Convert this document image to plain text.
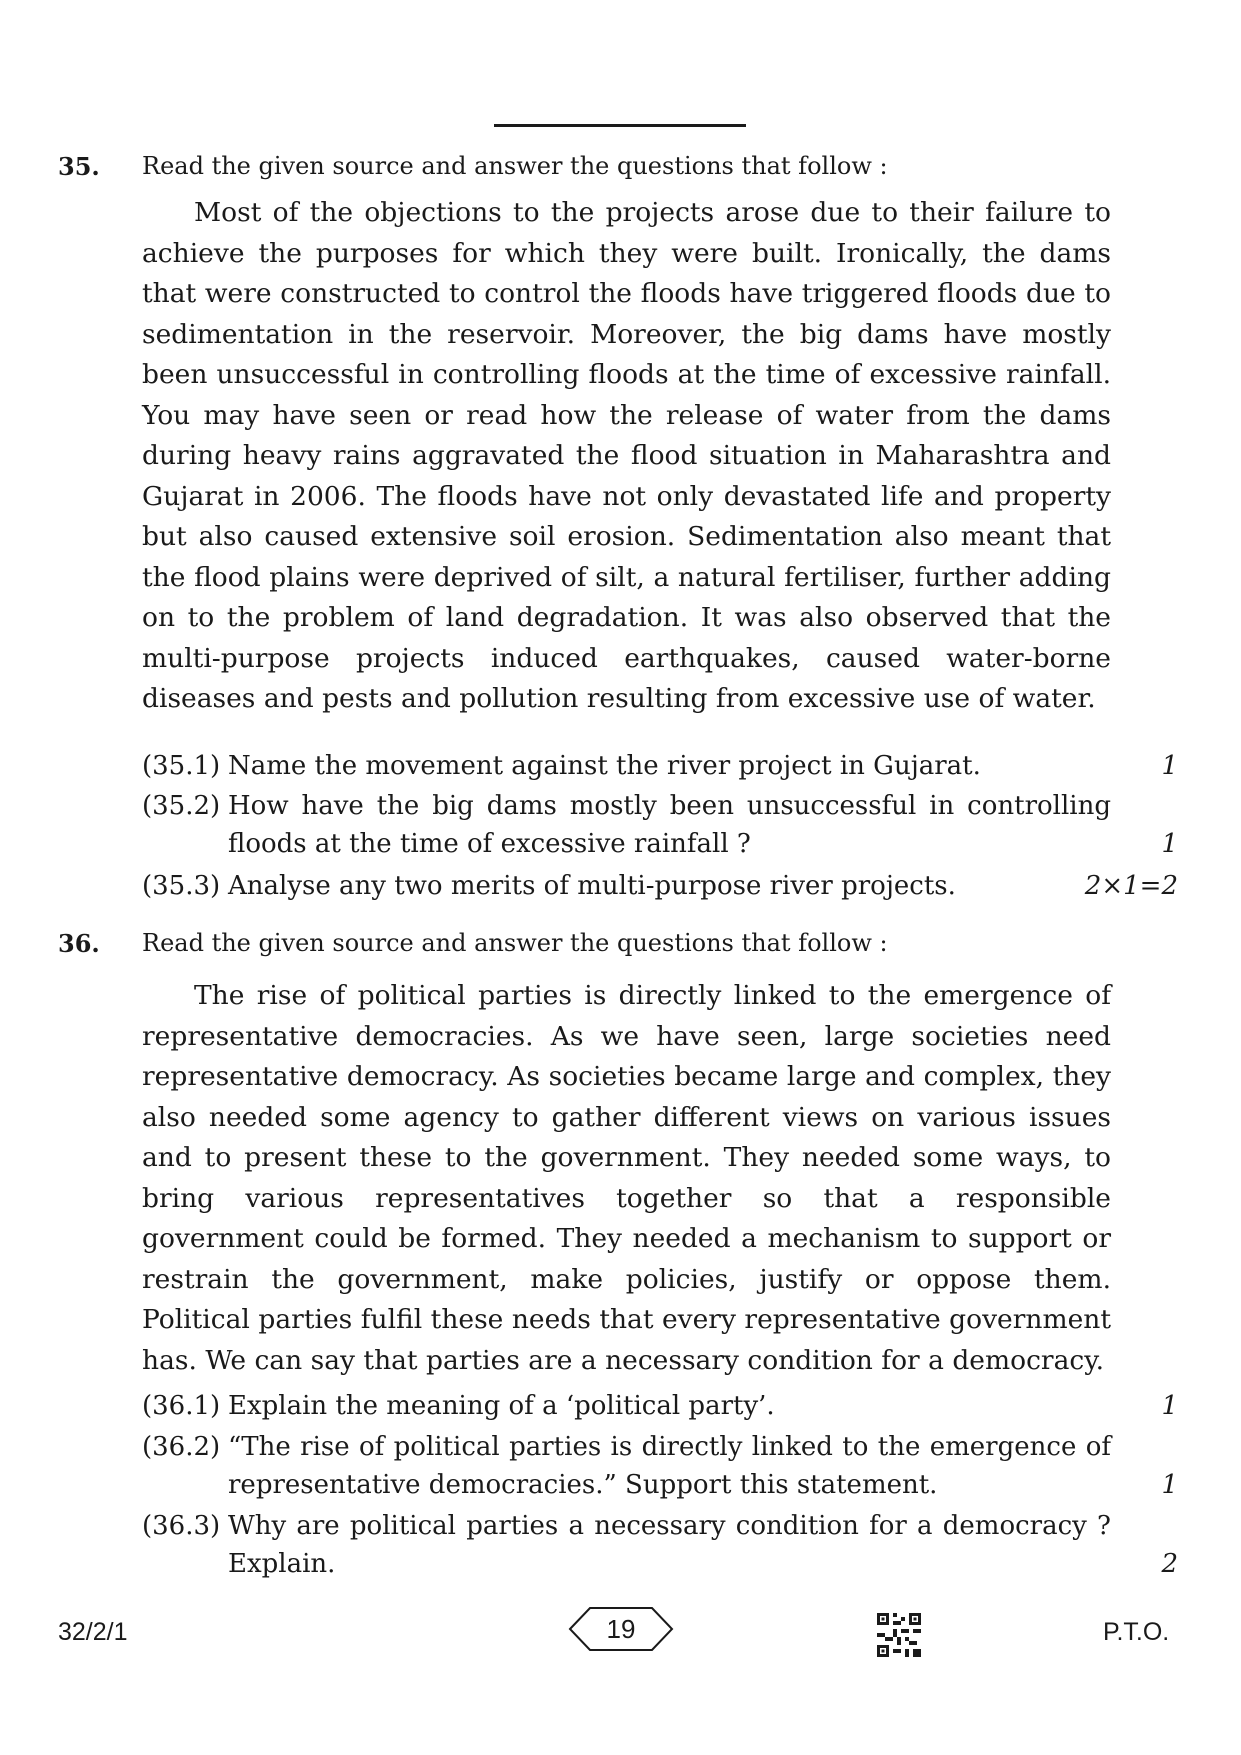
35. Read the given source and answer the questions that follow :

Most of the objections to the projects arose due to their failure to achieve the purposes for which they were built. Ironically, the dams that were constructed to control the floods have triggered floods due to sedimentation in the reservoir. Moreover, the big dams have mostly been unsuccessful in controlling floods at the time of excessive rainfall. You may have seen or read how the release of water from the dams during heavy rains aggravated the flood situation in Maharashtra and Gujarat in 2006. The floods have not only devastated life and property but also caused extensive soil erosion. Sedimentation also meant that the flood plains were deprived of silt, a natural fertiliser, further adding on to the problem of land degradation. It was also observed that the multi-purpose projects induced earthquakes, caused water-borne diseases and pests and pollution resulting from excessive use of water.

(35.1) Name the movement against the river project in Gujarat.	1
(35.2) How have the big dams mostly been unsuccessful in controlling floods at the time of excessive rainfall ?	1
(35.3) Analyse any two merits of multi-purpose river projects.	2×1=2
36. Read the given source and answer the questions that follow :

The rise of political parties is directly linked to the emergence of representative democracies. As we have seen, large societies need representative democracy. As societies became large and complex, they also needed some agency to gather different views on various issues and to present these to the government. They needed some ways, to bring various representatives together so that a responsible government could be formed. They needed a mechanism to support or restrain the government, make policies, justify or oppose them. Political parties fulfil these needs that every representative government has. We can say that parties are a necessary condition for a democracy.

(36.1) Explain the meaning of a ‘political party’.	1
(36.2) “The rise of political parties is directly linked to the emergence of representative democracies.” Support this statement.	1
(36.3) Why are political parties a necessary condition for a democracy ? Explain.	2
32/2/1	19	P.T.O.
